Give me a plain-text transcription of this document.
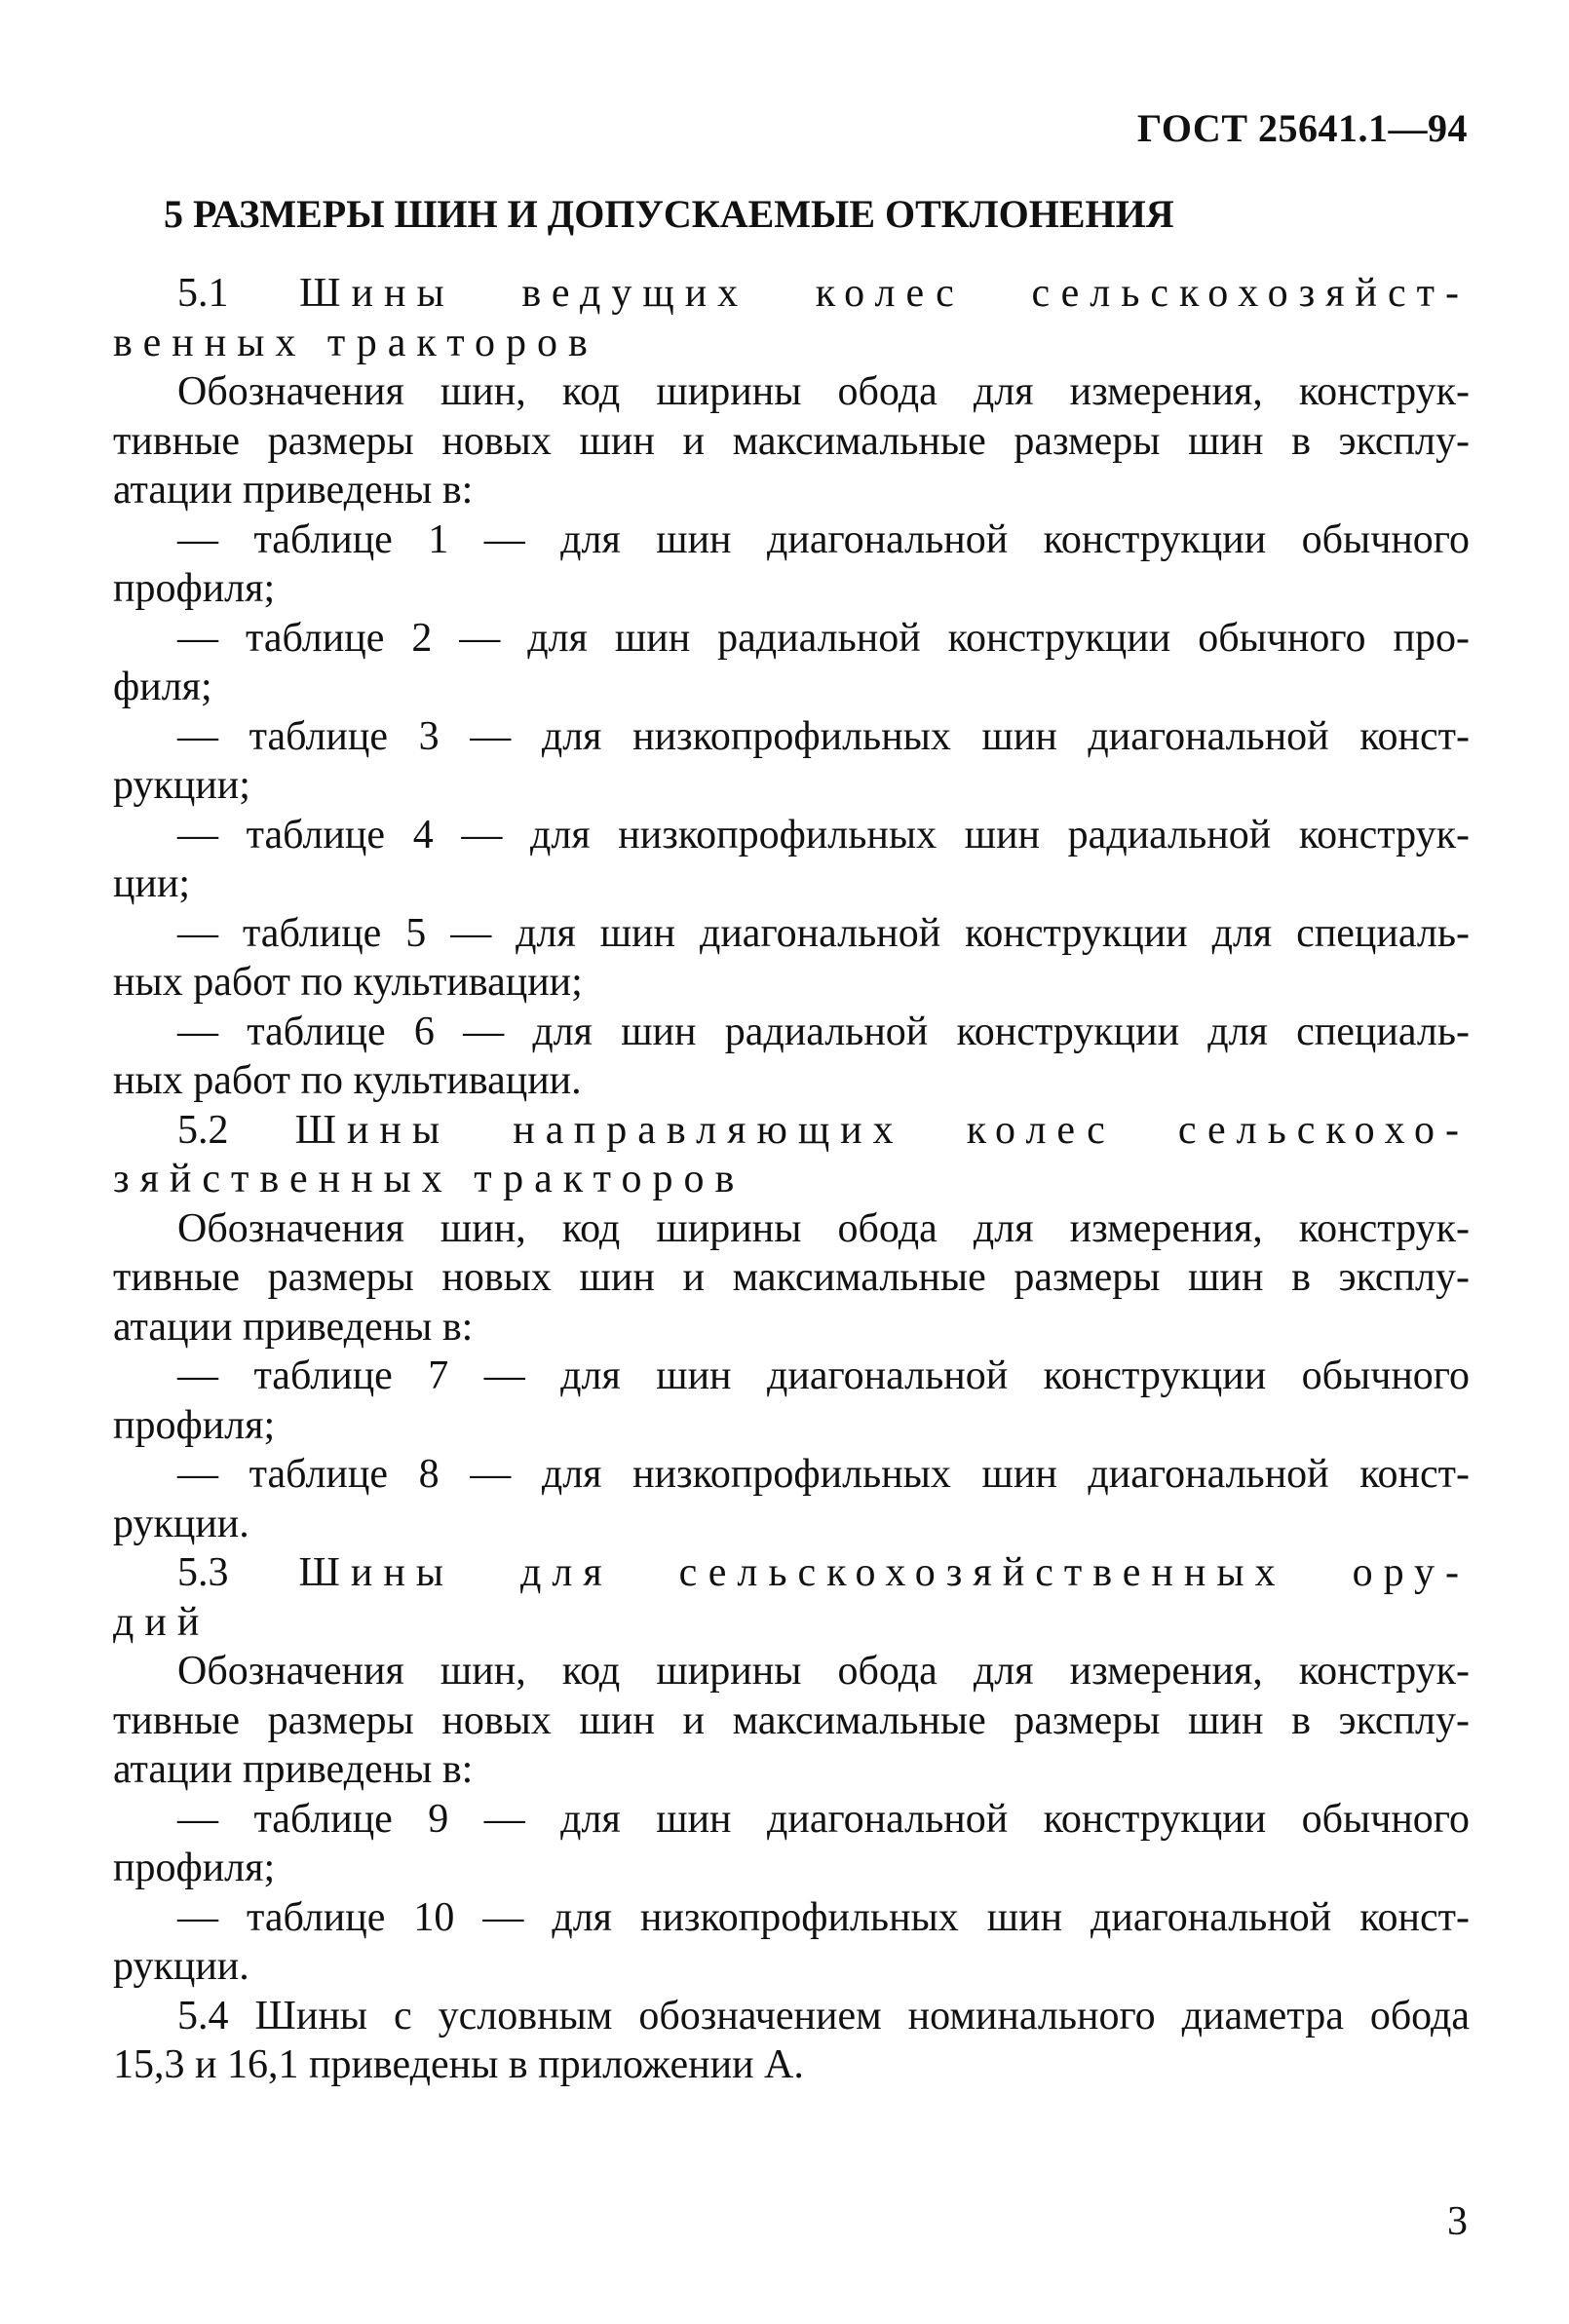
ГОСТ 25641.1—94
5 РАЗМЕРЫ ШИН И ДОПУСКАЕМЫЕ ОТКЛОНЕНИЯ
5.1 Шины ведущих колес сельскохозяйст-
венных тракторов
Обозначения шин, код ширины обода для измерения, конструк-
тивные размеры новых шин и максимальные размеры шин в эксплу-
атации приведены в:
— таблице 1 — для шин диагональной конструкции обычного
профиля;
— таблице 2 — для шин радиальной конструкции обычного про-
филя;
— таблице 3 — для низкопрофильных шин диагональной конст-
рукции;
— таблице 4 — для низкопрофильных шин радиальной конструк-
ции;
— таблице 5 — для шин диагональной конструкции для специаль-
ных работ по культивации;
— таблице 6 — для шин радиальной конструкции для специаль-
ных работ по культивации.
5.2 Шины направляющих колес сельскохо-
зяйственных тракторов
Обозначения шин, код ширины обода для измерения, конструк-
тивные размеры новых шин и максимальные размеры шин в эксплу-
атации приведены в:
— таблице 7 — для шин диагональной конструкции обычного
профиля;
— таблице 8 — для низкопрофильных шин диагональной конст-
рукции.
5.3 Шины для сельскохозяйственных ору-
дий
Обозначения шин, код ширины обода для измерения, конструк-
тивные размеры новых шин и максимальные размеры шин в эксплу-
атации приведены в:
— таблице 9 — для шин диагональной конструкции обычного
профиля;
— таблице 10 — для низкопрофильных шин диагональной конст-
рукции.
5.4 Шины с условным обозначением номинального диаметра обода
15,3 и 16,1 приведены в приложении А.
3
